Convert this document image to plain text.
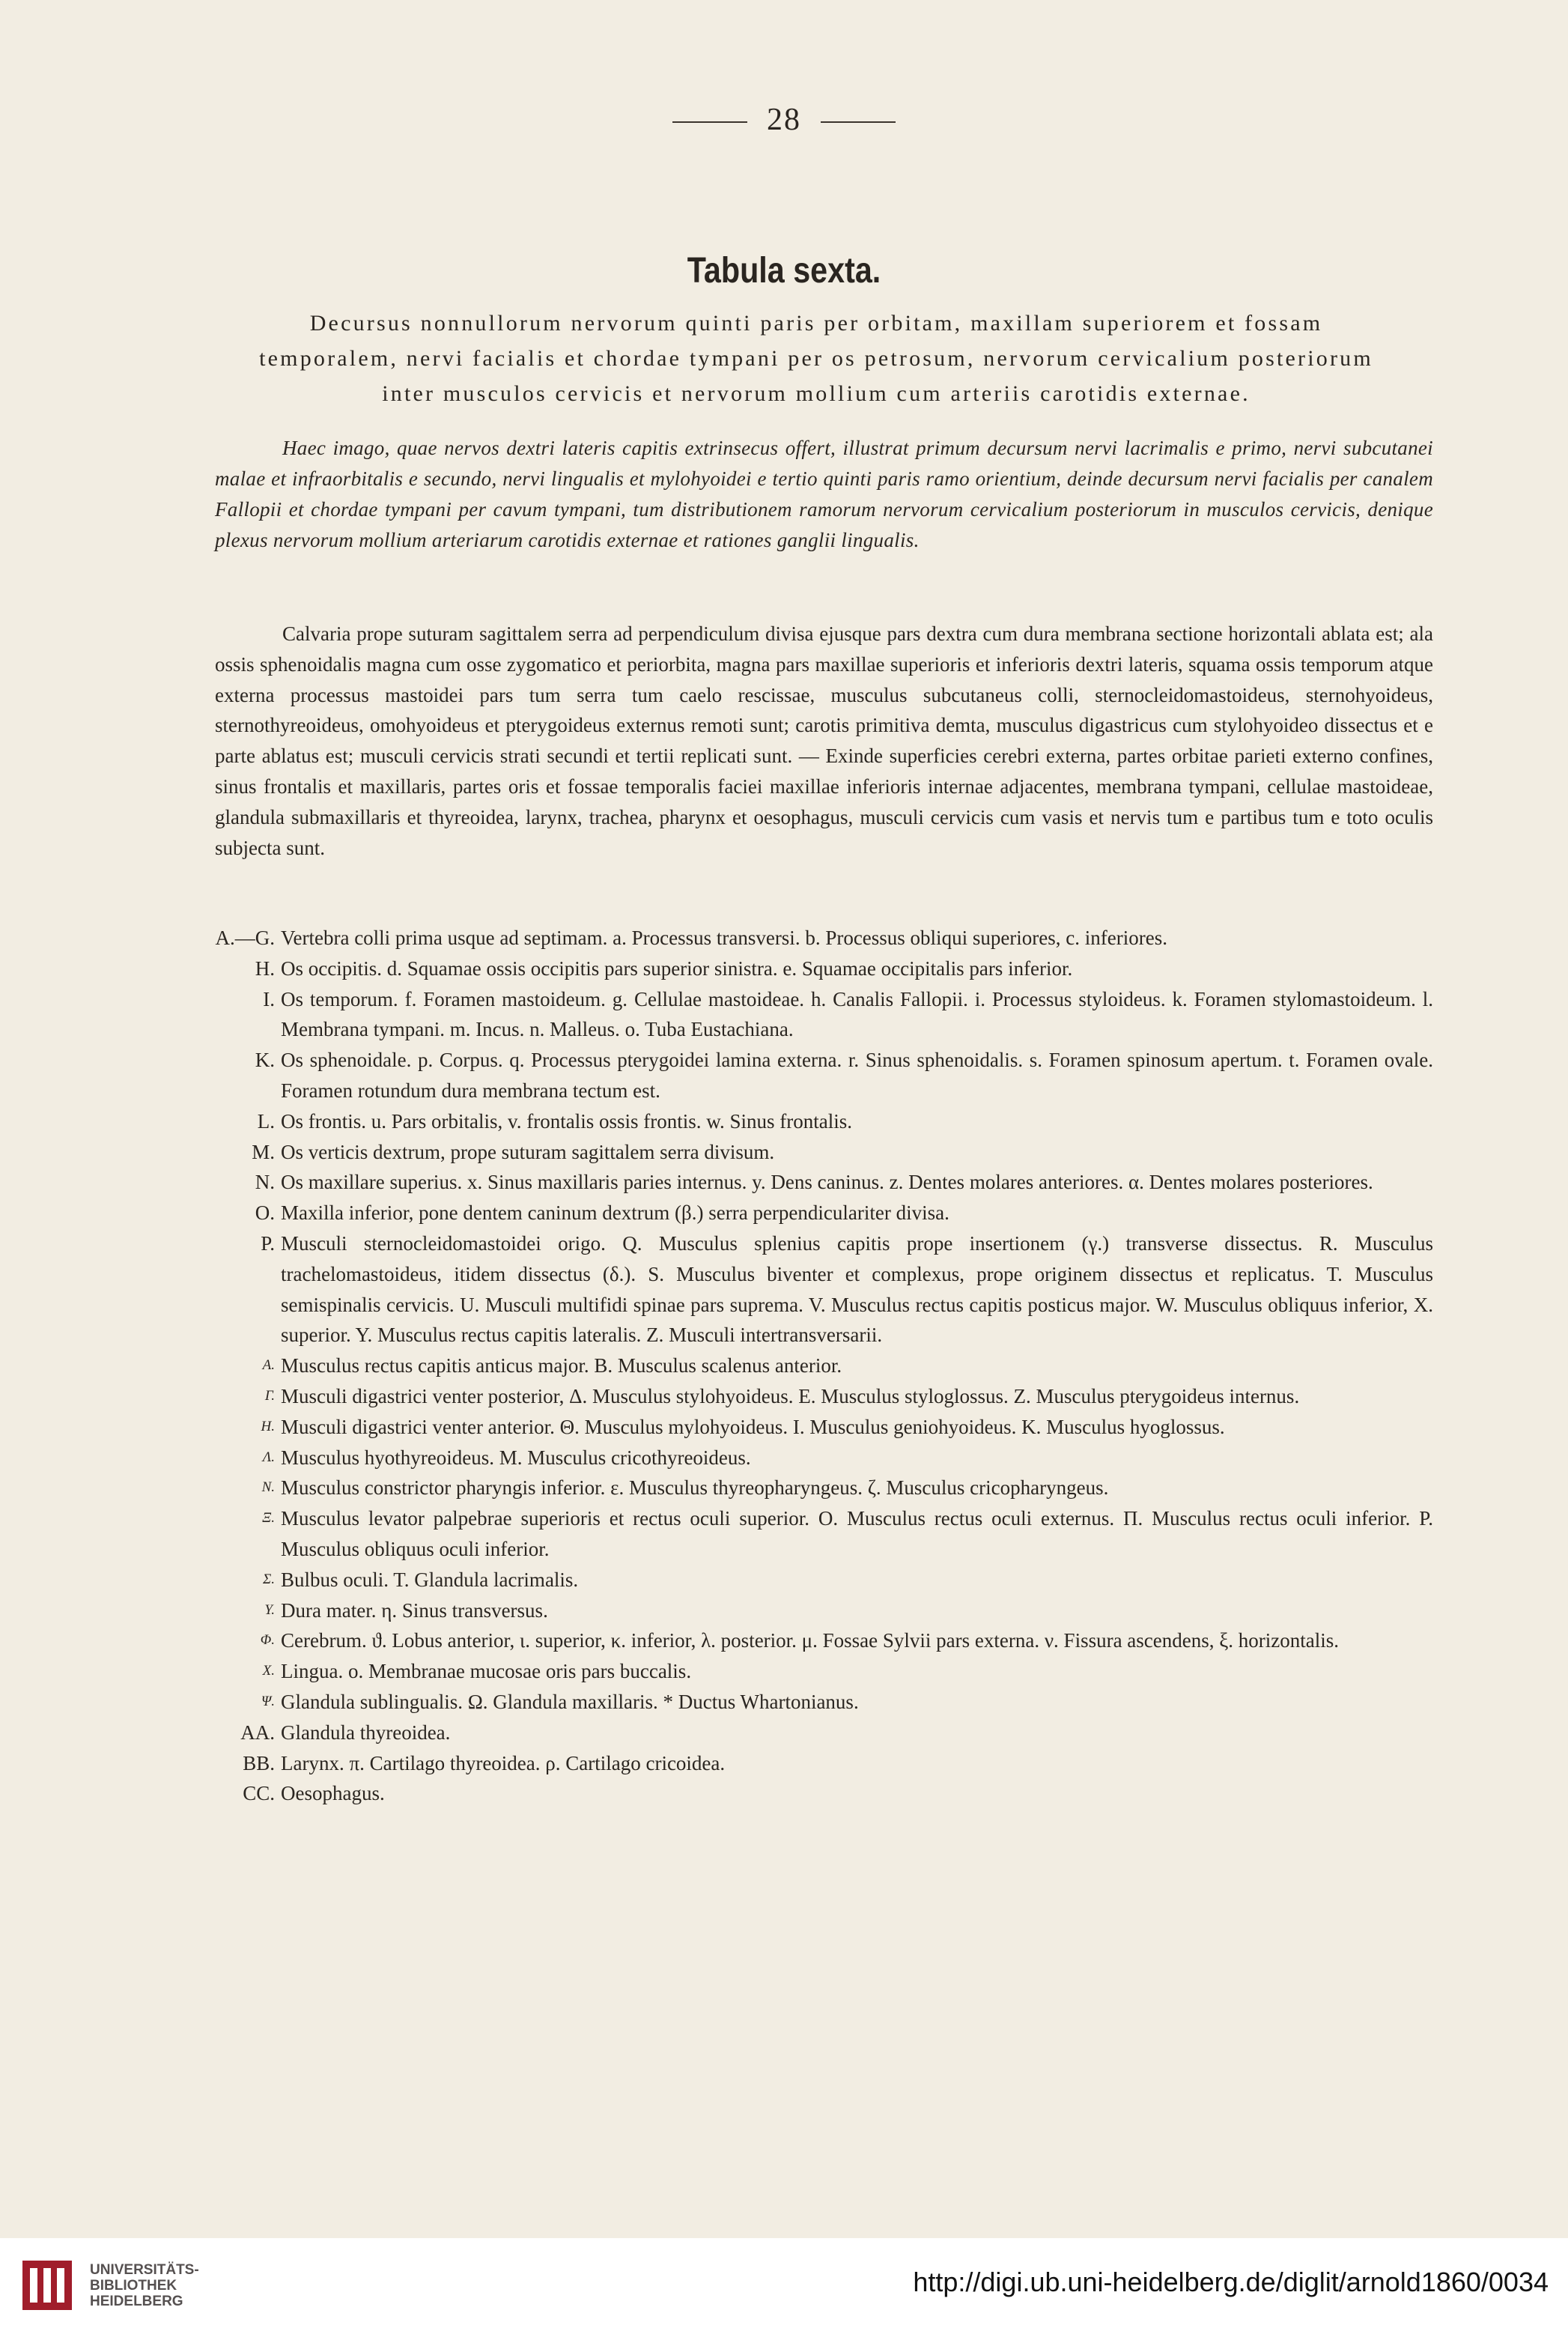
28
Tabula sexta.
Decursus nonnullorum nervorum quinti paris per orbitam, maxillam superiorem et fossam temporalem, nervi facialis et chordae tympani per os petrosum, nervorum cervicalium posteriorum inter musculos cervicis et nervorum mollium cum arteriis carotidis externae.
Haec imago, quae nervos dextri lateris capitis extrinsecus offert, illustrat primum decursum nervi lacrimalis e primo, nervi subcutanei malae et infraorbitalis e secundo, nervi lingualis et mylohyoidei e tertio quinti paris ramo orientium, deinde decursum nervi facialis per canalem Fallopii et chordae tympani per cavum tympani, tum distributionem ramorum nervorum cervicalium posteriorum in musculos cervicis, denique plexus nervorum mollium arteriarum carotidis externae et rationes ganglii lingualis.
Calvaria prope suturam sagittalem serra ad perpendiculum divisa ejusque pars dextra cum dura membrana sectione horizontali ablata est; ala ossis sphenoidalis magna cum osse zygomatico et periorbita, magna pars maxillae superioris et inferioris dextri lateris, squama ossis temporum atque externa processus mastoidei pars tum serra tum caelo rescissae, musculus subcutaneus colli, sternocleidomastoideus, sternohyoideus, sternothyreoideus, omohyoideus et pterygoideus externus remoti sunt; carotis primitiva demta, musculus digastricus cum stylohyoideo dissectus et e parte ablatus est; musculi cervicis strati secundi et tertii replicati sunt. — Exinde superficies cerebri externa, partes orbitae parieti externo confines, sinus frontalis et maxillaris, partes oris et fossae temporalis faciei maxillae inferioris internae adjacentes, membrana tympani, cellulae mastoideae, glandula submaxillaris et thyreoidea, larynx, trachea, pharynx et oesophagus, musculi cervicis cum vasis et nervis tum e partibus tum e toto oculis subjecta sunt.
A.—G. Vertebra colli prima usque ad septimam. a. Processus transversi. b. Processus obliqui superiores, c. inferiores.
H. Os occipitis. d. Squamae ossis occipitis pars superior sinistra. e. Squamae occipitalis pars inferior.
I. Os temporum. f. Foramen mastoideum. g. Cellulae mastoideae. h. Canalis Fallopii. i. Processus styloideus. k. Foramen stylomastoideum. l. Membrana tympani. m. Incus. n. Malleus. o. Tuba Eustachiana.
K. Os sphenoidale. p. Corpus. q. Processus pterygoidei lamina externa. r. Sinus sphenoidalis. s. Foramen spinosum apertum. t. Foramen ovale. Foramen rotundum dura membrana tectum est.
L. Os frontis. u. Pars orbitalis, v. frontalis ossis frontis. w. Sinus frontalis.
M. Os verticis dextrum, prope suturam sagittalem serra divisum.
N. Os maxillare superius. x. Sinus maxillaris paries internus. y. Dens caninus. z. Dentes molares anteriores. α. Dentes molares posteriores.
O. Maxilla inferior, pone dentem caninum dextrum (β.) serra perpendiculariter divisa.
P. Musculi sternocleidomastoidei origo. Q. Musculus splenius capitis prope insertionem (γ.) transverse dissectus. R. Musculus trachelomastoideus, itidem dissectus (δ.). S. Musculus biventer et complexus, prope originem dissectus et replicatus. T. Musculus semispinalis cervicis. U. Musculi multifidi spinae pars suprema. V. Musculus rectus capitis posticus major. W. Musculus obliquus inferior, X. superior. Y. Musculus rectus capitis lateralis. Z. Musculi intertransversarii.
A. Musculus rectus capitis anticus major. B. Musculus scalenus anterior.
Γ. Musculi digastrici venter posterior, Δ. Musculus stylohyoideus. E. Musculus styloglossus. Z. Musculus pterygoideus internus.
H. Musculi digastrici venter anterior. Θ. Musculus mylohyoideus. I. Musculus geniohyoideus. K. Musculus hyoglossus.
Λ. Musculus hyothyreoideus. M. Musculus cricothyreoideus.
N. Musculus constrictor pharyngis inferior. ε. Musculus thyreopharyngeus. ζ. Musculus cricopharyngeus.
Ξ. Musculus levator palpebrae superioris et rectus oculi superior. O. Musculus rectus oculi externus. Π. Musculus rectus oculi inferior. P. Musculus obliquus oculi inferior.
Σ. Bulbus oculi. T. Glandula lacrimalis.
Υ. Dura mater. η. Sinus transversus.
Φ. Cerebrum. ϑ. Lobus anterior, ι. superior, κ. inferior, λ. posterior. μ. Fossae Sylvii pars externa. ν. Fissura ascendens, ξ. horizontalis.
X. Lingua. o. Membranae mucosae oris pars buccalis.
Ψ. Glandula sublingualis. Ω. Glandula maxillaris. * Ductus Whartonianus.
AA. Glandula thyreoidea.
BB. Larynx. π. Cartilago thyreoidea. ρ. Cartilago cricoidea.
CC. Oesophagus.
UNIVERSITÄTS-
BIBLIOTHEK
HEIDELBERG
http://digi.ub.uni-heidelberg.de/diglit/arnold1860/0034
